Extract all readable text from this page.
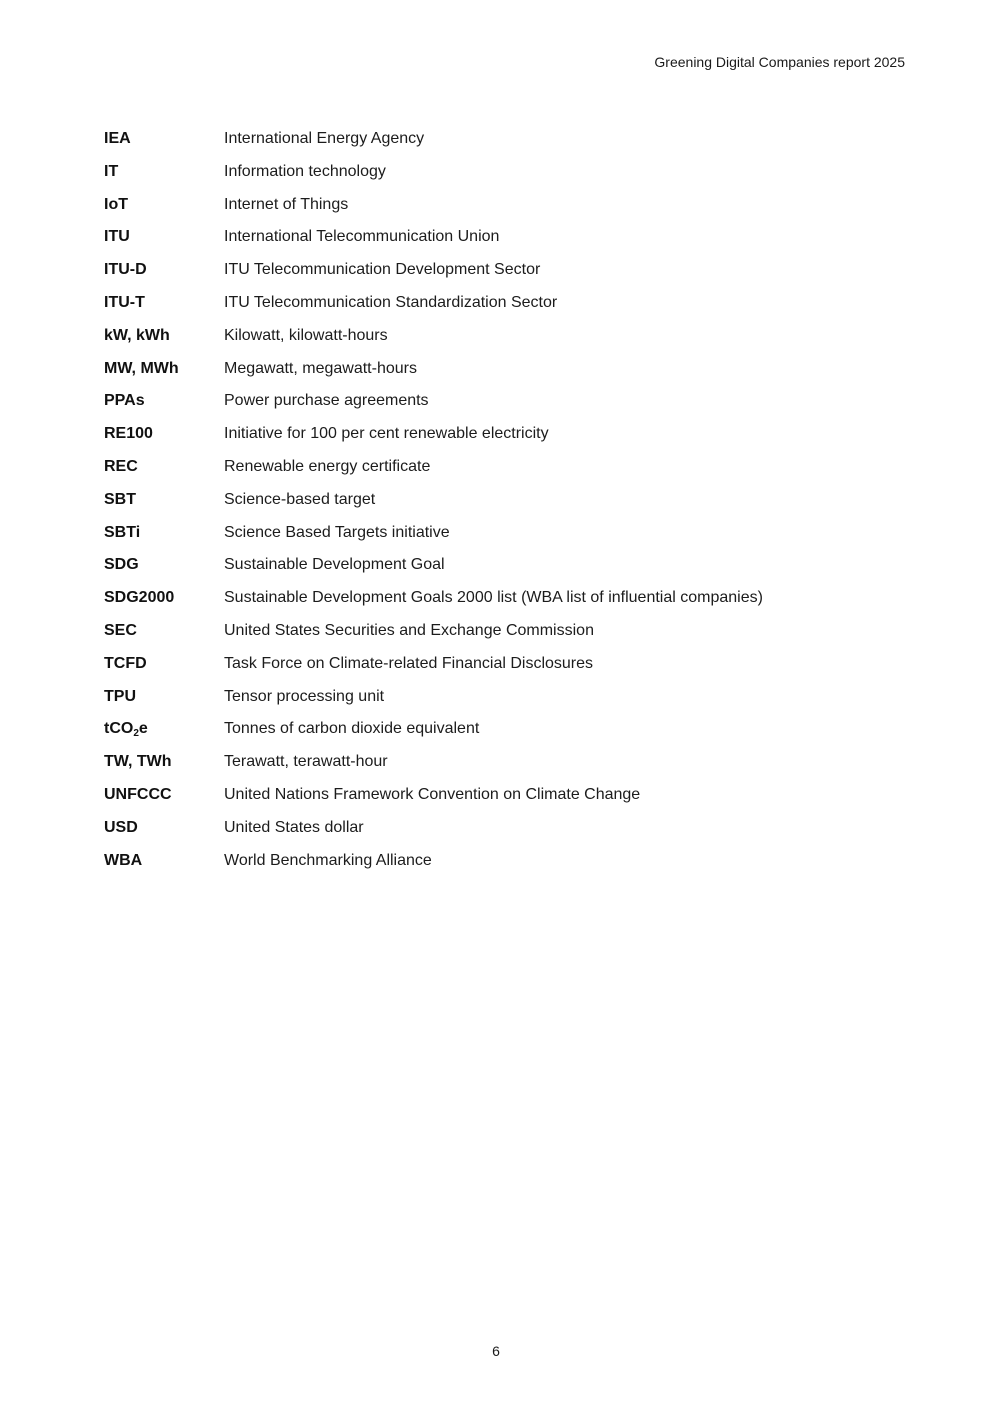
Greening Digital Companies report 2025
IEA	International Energy Agency
IT	Information technology
IoT	Internet of Things
ITU	International Telecommunication Union
ITU-D	ITU Telecommunication Development Sector
ITU-T	ITU Telecommunication Standardization Sector
kW, kWh	Kilowatt, kilowatt-hours
MW, MWh	Megawatt, megawatt-hours
PPAs	Power purchase agreements
RE100	Initiative for 100 per cent renewable electricity
REC	Renewable energy certificate
SBT	Science-based target
SBTi	Science Based Targets initiative
SDG	Sustainable Development Goal
SDG2000	Sustainable Development Goals 2000 list (WBA list of influential companies)
SEC	United States Securities and Exchange Commission
TCFD	Task Force on Climate-related Financial Disclosures
TPU	Tensor processing unit
tCO$_2$e	Tonnes of carbon dioxide equivalent
TW, TWh	Terawatt, terawatt-hour
UNFCCC	United Nations Framework Convention on Climate Change
USD	United States dollar
WBA	World Benchmarking Alliance
6
